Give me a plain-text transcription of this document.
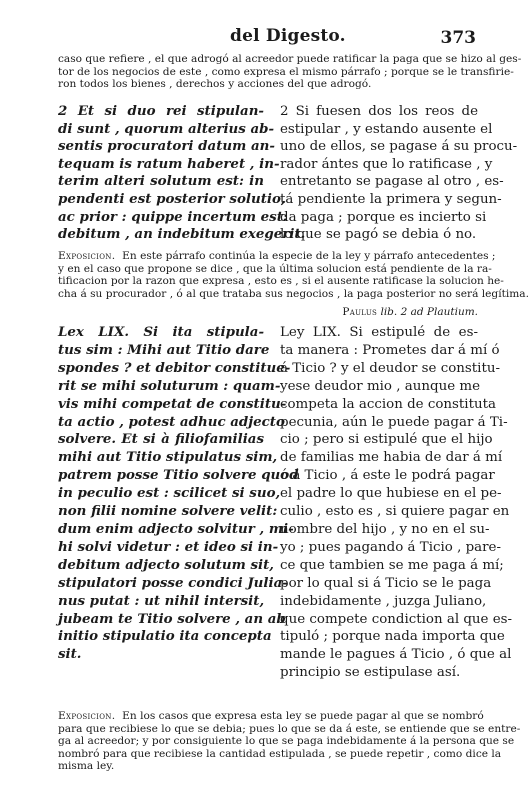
del Digesto.	373
caso que refiere , el que adrogó al acreedor puede ratificar la paga que se hizo al ges-
tor de los negocios de este , como expresa el mismo párrafo ; porque se le transfirie-
ron todos los bienes , derechos y acciones del que adrogó.
2 Et si duo rei stipulan-
di sunt , quorum alterius ab-
sentis procuratori datum an-
tequam is ratum haberet , in-
terim alteri solutum est: in
pendenti est posterior solutio,
ac prior : quippe incertum est:
debitum , an indebitum exegerit.
2 Si fuesen dos los reos de
estipular , y estando ausente el
uno de ellos, se pagase á su procu-
rador ántes que lo ratificase , y
entretanto se pagase al otro , es-
tá pendiente la primera y segun-
da paga ; porque es incierto si
lo que se pagó se debia ó no.
Exposicion. En este párrafo continúa la especie de la ley y párrafo antecedentes ;
y en el caso que propone se dice , que la última solucion está pendiente de la ra-
tificacion por la razon que expresa , esto es , si el ausente ratificase la solucion he-
cha á su procurador , ó al que trataba sus negocios , la paga posterior no será legítima.
Paulus lib. 2 ad Plautium.
Lex LIX. Si ita stipula-
tus sim : Mihi aut Titio dare
spondes ? et debitor constitue-
rit se mihi soluturum : quam-
vis mihi competat de constitu-
ta actio , potest adhuc adjecto
solvere. Et si à filiofamilias
mihi aut Titio stipulatus sim,
patrem posse Titio solvere quod
in peculio est : scilicet si suo,
non filii nomine solvere velit:
dum enim adjecto solvitur , mi-
hi solvi videtur : et ideo si in-
debitum adjecto solutum sit,
stipulatori posse condici Julia-
nus putat : ut nihil intersit,
jubeam te Titio solvere , an ab
initio stipulatio ita concepta
sit.
Ley LIX. Si estipulé de es-
ta manera : Prometes dar á mí ó
á Ticio ? y el deudor se constitu-
yese deudor mio , aunque me
competa la accion de constituta
pecunia, aún le puede pagar á Ti-
cio ; pero si estipulé que el hijo
de familias me habia de dar á mí
ó á Ticio , á este le podrá pagar
el padre lo que hubiese en el pe-
culio , esto es , si quiere pagar en
nombre del hijo , y no en el su-
yo ; pues pagando á Ticio , pare-
ce que tambien se me paga á mí;
por lo qual si á Ticio se le paga
indebidamente , juzga Juliano,
que compete condiction al que es-
tipuló ; porque nada importa que
mande le pagues á Ticio , ó que al
principio se estipulase así.
Exposicion. En los casos que expresa esta ley se puede pagar al que se nombró
para que recibiese lo que se debia; pues lo que se da á este, se entiende que se entre-
ga al acreedor; y por consiguiente lo que se paga indebidamente á la persona que se
nombró para que recibiese la cantidad estipulada , se puede repetir , como dice la
misma ley.
